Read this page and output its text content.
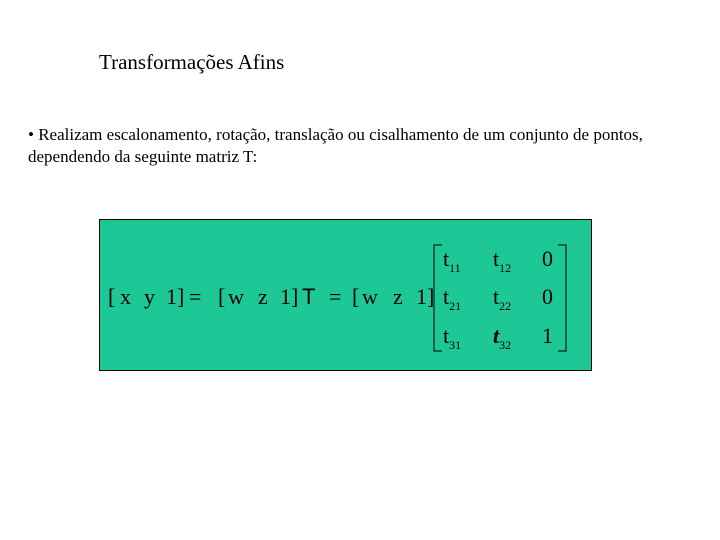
Transformações Afins
• Realizam escalonamento, rotação, translação ou cisalhamento de um conjunto de pontos, dependendo da seguinte matriz T:
[ x y 1 ] = [ w z 1 ] T = [ w z 1 ]
$t_{11}$ $t_{12}$ 0
$t_{21}$ $t_{22}$ 0
$t_{31}$ $t_{32}$ 1
